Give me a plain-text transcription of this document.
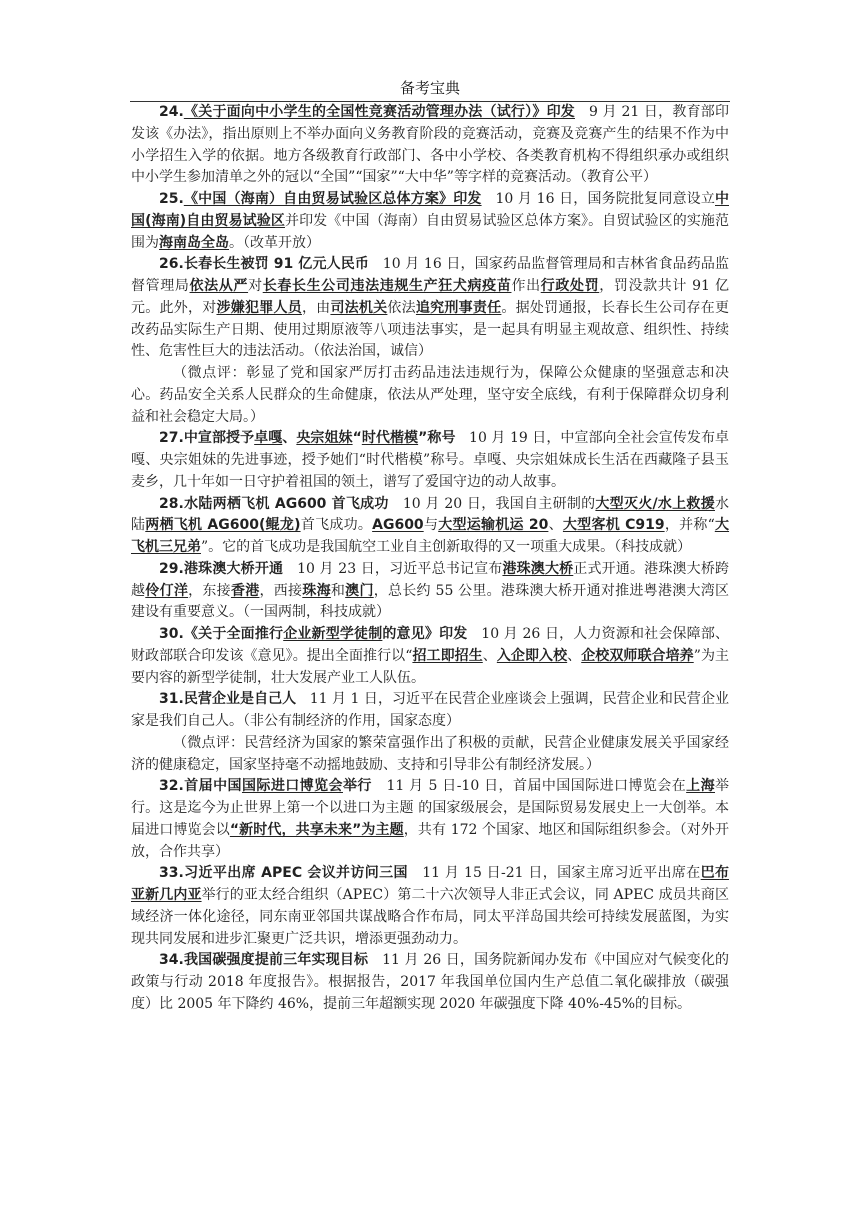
备考宝典

24.《关于面向中小学生的全国性竞赛活动管理办法（试行）》印发 9 月 21 日，教育部印发该《办法》，指出原则上不举办面向义务教育阶段的竞赛活动，竞赛及竞赛产生的结果不作为中小学招生入学的依据。地方各级教育行政部门、各中小学校、各类教育机构不得组织承办或组织中小学生参加清单之外的冠以“全国”“国家”“大中华”等字样的竞赛活动。（教育公平）

25.《中国（海南）自由贸易试验区总体方案》印发 10 月 16 日，国务院批复同意设立中国(海南)自由贸易试验区并印发《中国（海南）自由贸易试验区总体方案》。自贸试验区的实施范围为海南岛全岛。（改革开放）

26.长春长生被罚 91 亿元人民币 10 月 16 日，国家药品监督管理局和吉林省食品药品监督管理局依法从严对长春长生公司违法违规生产狂犬病疫苗作出行政处罚，罚没款共计 91 亿元。此外，对涉嫌犯罪人员，由司法机关依法追究刑事责任。据处罚通报，长春长生公司存在更改药品实际生产日期、使用过期原液等八项违法事实，是一起具有明显主观故意、组织性、持续性、危害性巨大的违法活动。（依法治国，诚信）

（微点评：彰显了党和国家严厉打击药品违法违规行为，保障公众健康的坚强意志和决心。药品安全关系人民群众的生命健康，依法从严处理，坚守安全底线，有利于保障群众切身利益和社会稳定大局。）

27.中宣部授予卓嘎、央宗姐妹“时代楷模”称号 10 月 19 日，中宣部向全社会宣传发布卓嘎、央宗姐妹的先进事迹，授予她们“时代楷模”称号。卓嘎、央宗姐妹成长生活在西藏隆子县玉麦乡，几十年如一日守护着祖国的领土，谱写了爱国守边的动人故事。

28.水陆两栖飞机 AG600 首飞成功 10 月 20 日，我国自主研制的大型灭火/水上救援水陆两栖飞机 AG600(鲲龙)首飞成功。AG600与大型运输机运 20、大型客机 C919，并称“大飞机三兄弟”。它的首飞成功是我国航空工业自主创新取得的又一项重大成果。（科技成就）

29.港珠澳大桥开通 10 月 23 日，习近平总书记宣布港珠澳大桥正式开通。港珠澳大桥跨越伶仃洋，东接香港，西接珠海和澳门，总长约 55 公里。港珠澳大桥开通对推进粤港澳大湾区建设有重要意义。（一国两制，科技成就）

30.《关于全面推行企业新型学徒制的意见》印发 10 月 26 日，人力资源和社会保障部、财政部联合印发该《意见》。提出全面推行以“招工即招生、入企即入校、企校双师联合培养”为主要内容的新型学徒制，壮大发展产业工人队伍。

31.民营企业是自己人 11 月 1 日，习近平在民营企业座谈会上强调，民营企业和民营企业家是我们自己人。（非公有制经济的作用，国家态度）

（微点评：民营经济为国家的繁荣富强作出了积极的贡献，民营企业健康发展关乎国家经济的健康稳定，国家坚持毫不动摇地鼓励、支持和引导非公有制经济发展。）

32.首届中国国际进口博览会举行 11 月 5 日-10 日，首届中国国际进口博览会在上海举行。这是迄今为止世界上第一个以进口为主题 的国家级展会，是国际贸易发展史上一大创举。本届进口博览会以“新时代，共享未来”为主题，共有 172 个国家、地区和国际组织参会。（对外开放，合作共享）

33.习近平出席 APEC 会议并访问三国 11 月 15 日-21 日，国家主席习近平出席在巴布亚新几内亚举行的亚太经合组织（APEC）第二十六次领导人非正式会议，同 APEC 成员共商区域经济一体化途径，同东南亚邻国共谋战略合作布局，同太平洋岛国共绘可持续发展蓝图，为实现共同发展和进步汇聚更广泛共识，增添更强劲动力。

34.我国碳强度提前三年实现目标 11 月 26 日，国务院新闻办发布《中国应对气候变化的政策与行动 2018 年度报告》。根据报告，2017 年我国单位国内生产总值二氧化碳排放（碳强度）比 2005 年下降约 46%，提前三年超额实现 2020 年碳强度下降 40%-45%的目标。
